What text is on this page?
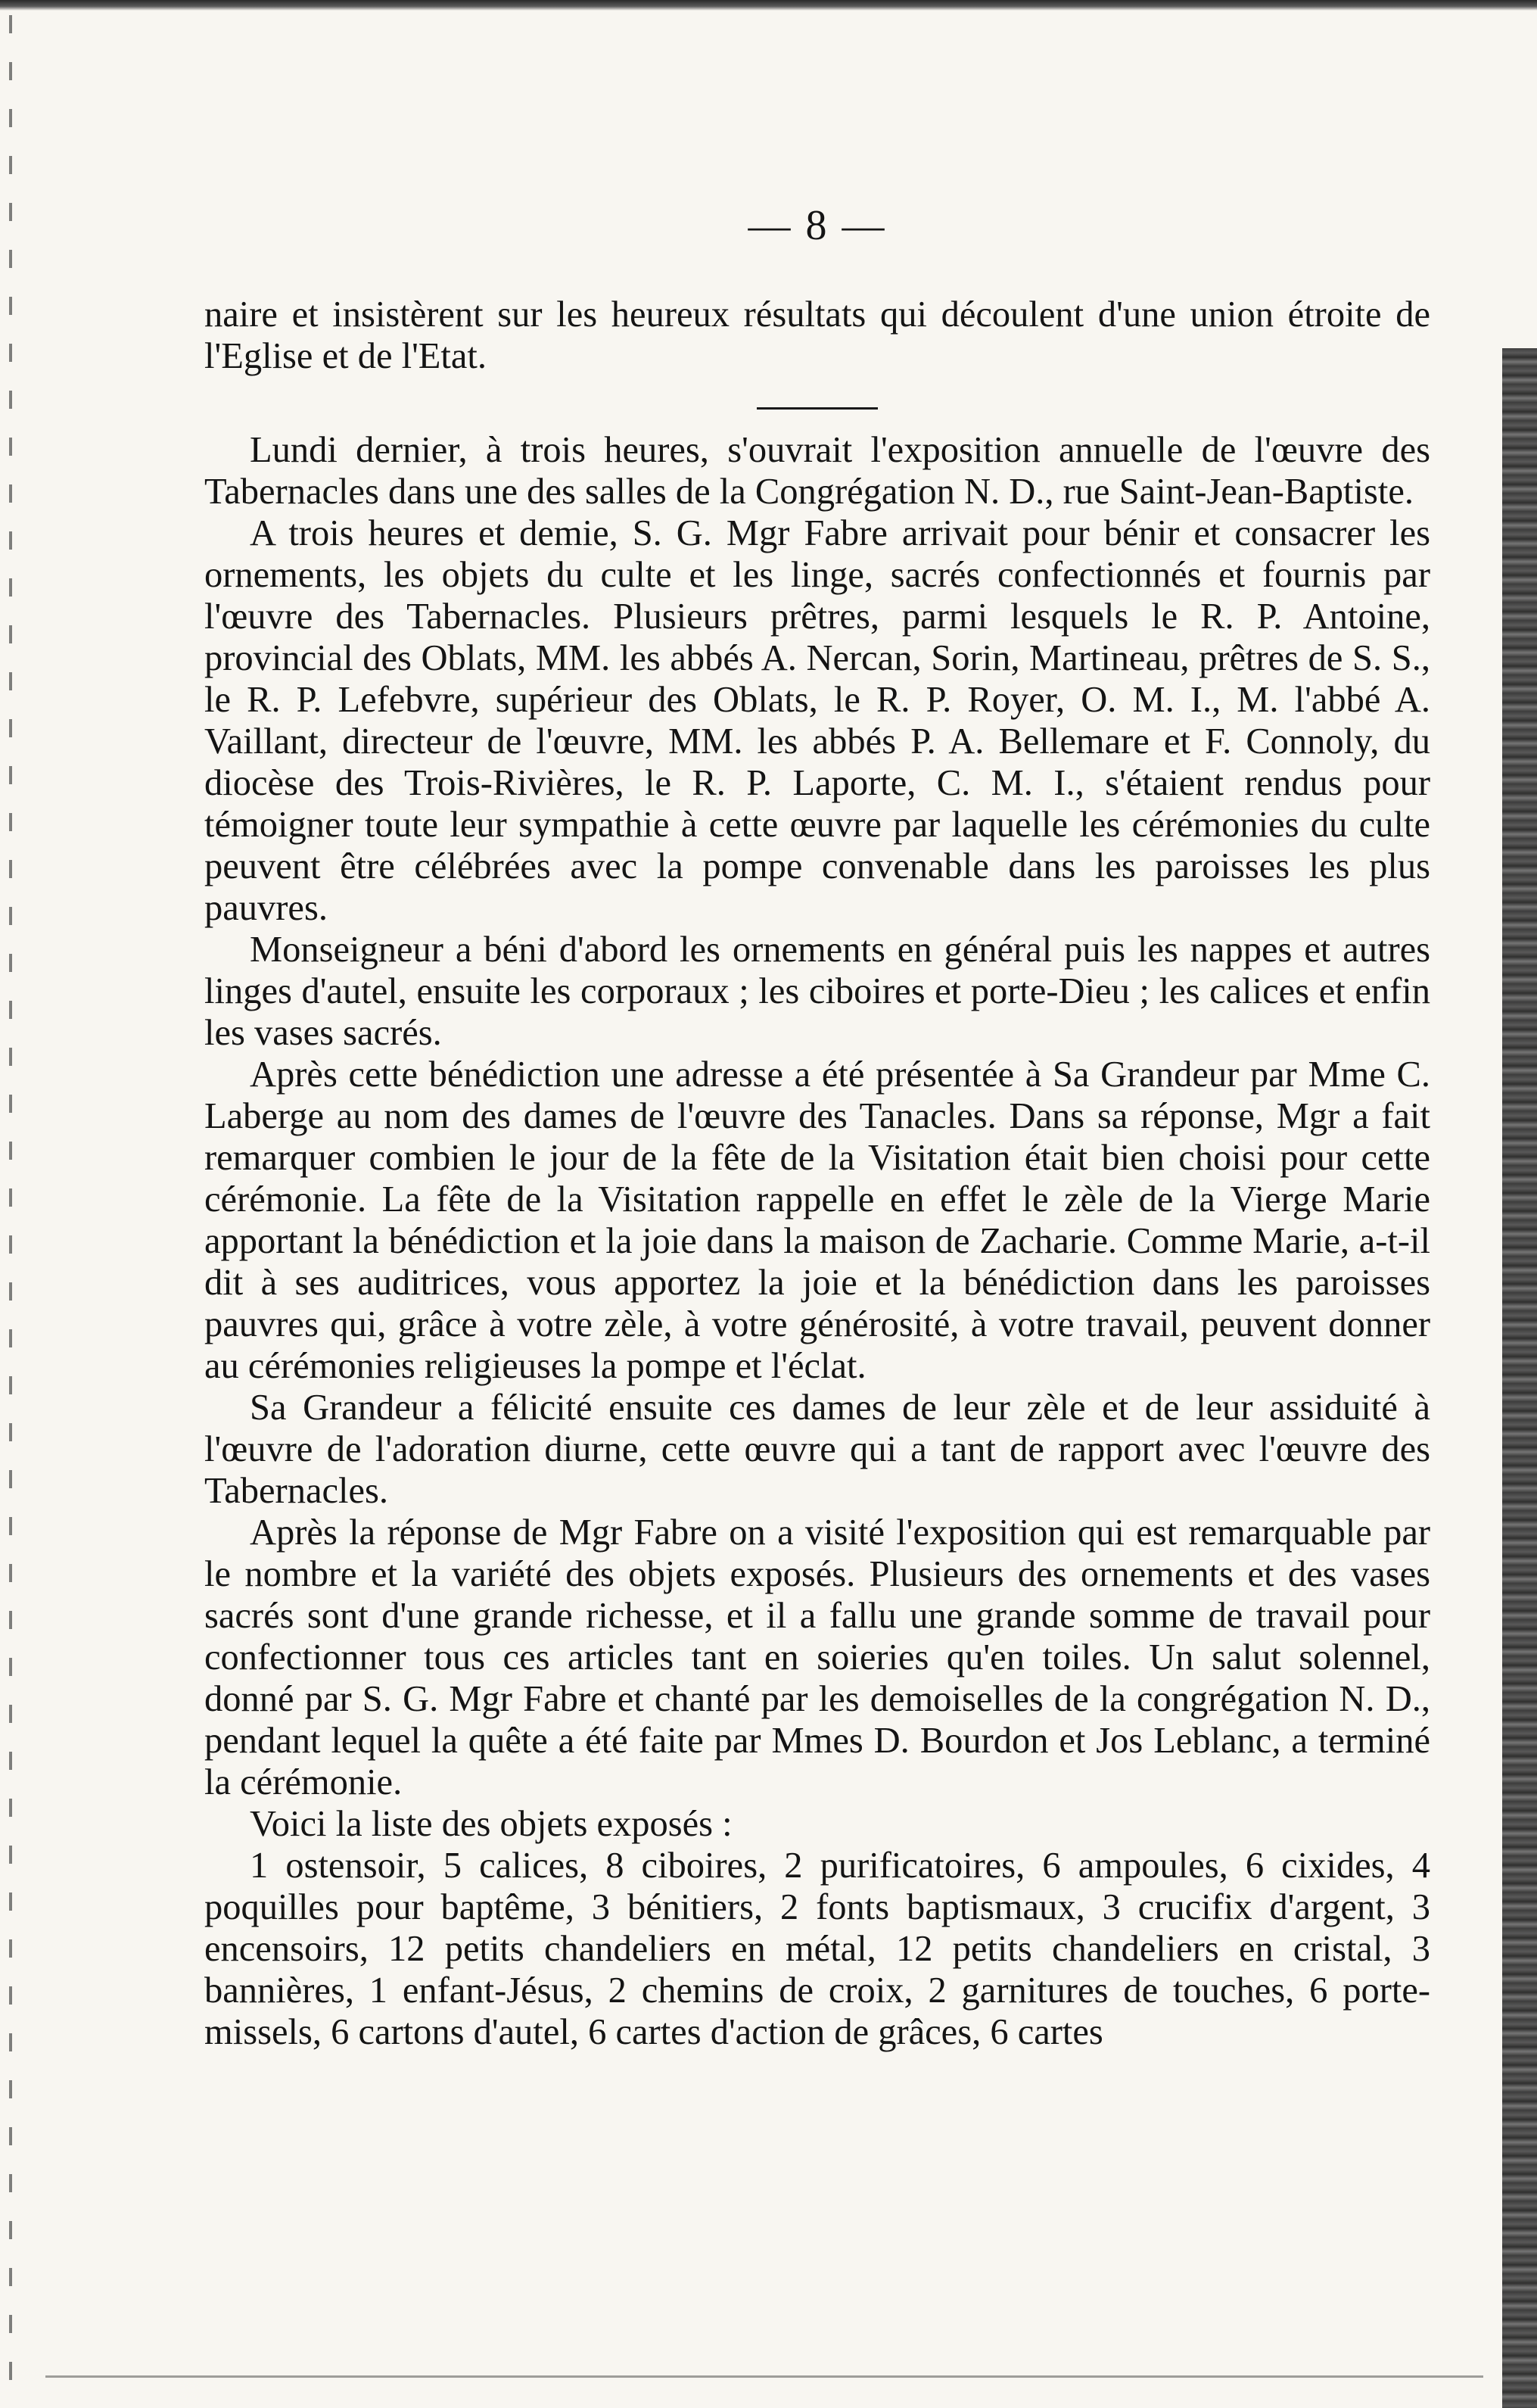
— 8 —

naire et insistèrent sur les heureux résultats qui découlent d'une union étroite de l'Eglise et de l'Etat.

Lundi dernier, à trois heures, s'ouvrait l'exposition annuelle de l'œuvre des Tabernacles dans une des salles de la Congrégation N. D., rue Saint-Jean-Baptiste.

A trois heures et demie, S. G. Mgr Fabre arrivait pour bénir et consacrer les ornements, les objets du culte et les linge, sacrés confectionnés et fournis par l'œuvre des Tabernacles. Plusieurs prêtres, parmi lesquels le R. P. Antoine, provincial des Oblats, MM. les abbés A. Nercan, Sorin, Martineau, prêtres de S. S., le R. P. Lefebvre, supérieur des Oblats, le R. P. Royer, O. M. I., M. l'abbé A. Vaillant, directeur de l'œuvre, MM. les abbés P. A. Bellemare et F. Connoly, du diocèse des Trois-Rivières, le R. P. Laporte, C. M. I., s'étaient rendus pour témoigner toute leur sympathie à cette œuvre par laquelle les cérémonies du culte peuvent être célébrées avec la pompe convenable dans les paroisses les plus pauvres.

Monseigneur a béni d'abord les ornements en général puis les nappes et autres linges d'autel, ensuite les corporaux ; les ciboires et porte-Dieu ; les calices et enfin les vases sacrés.

Après cette bénédiction une adresse a été présentée à Sa Grandeur par Mme C. Laberge au nom des dames de l'œuvre des Tanacles. Dans sa réponse, Mgr a fait remarquer combien le jour de la fête de la Visitation était bien choisi pour cette cérémonie. La fête de la Visitation rappelle en effet le zèle de la Vierge Marie apportant la bénédiction et la joie dans la maison de Zacharie. Comme Marie, a-t-il dit à ses auditrices, vous apportez la joie et la bénédiction dans les paroisses pauvres qui, grâce à votre zèle, à votre générosité, à votre travail, peuvent donner au cérémonies religieuses la pompe et l'éclat.

Sa Grandeur a félicité ensuite ces dames de leur zèle et de leur assiduité à l'œuvre de l'adoration diurne, cette œuvre qui a tant de rapport avec l'œuvre des Tabernacles.

Après la réponse de Mgr Fabre on a visité l'exposition qui est remarquable par le nombre et la variété des objets exposés. Plusieurs des ornements et des vases sacrés sont d'une grande richesse, et il a fallu une grande somme de travail pour confectionner tous ces articles tant en soieries qu'en toiles. Un salut solennel, donné par S. G. Mgr Fabre et chanté par les demoiselles de la congrégation N. D., pendant lequel la quête a été faite par Mmes D. Bourdon et Jos Leblanc, a terminé la cérémonie.

Voici la liste des objets exposés :

1 ostensoir, 5 calices, 8 ciboires, 2 purificatoires, 6 ampoules, 6 cixides, 4 poquilles pour baptême, 3 bénitiers, 2 fonts baptismaux, 3 crucifix d'argent, 3 encensoirs, 12 petits chandeliers en métal, 12 petits chandeliers en cristal, 3 bannières, 1 enfant-Jésus, 2 chemins de croix, 2 garnitures de touches, 6 porte-missels, 6 cartons d'autel, 6 cartes d'action de grâces, 6 cartes
